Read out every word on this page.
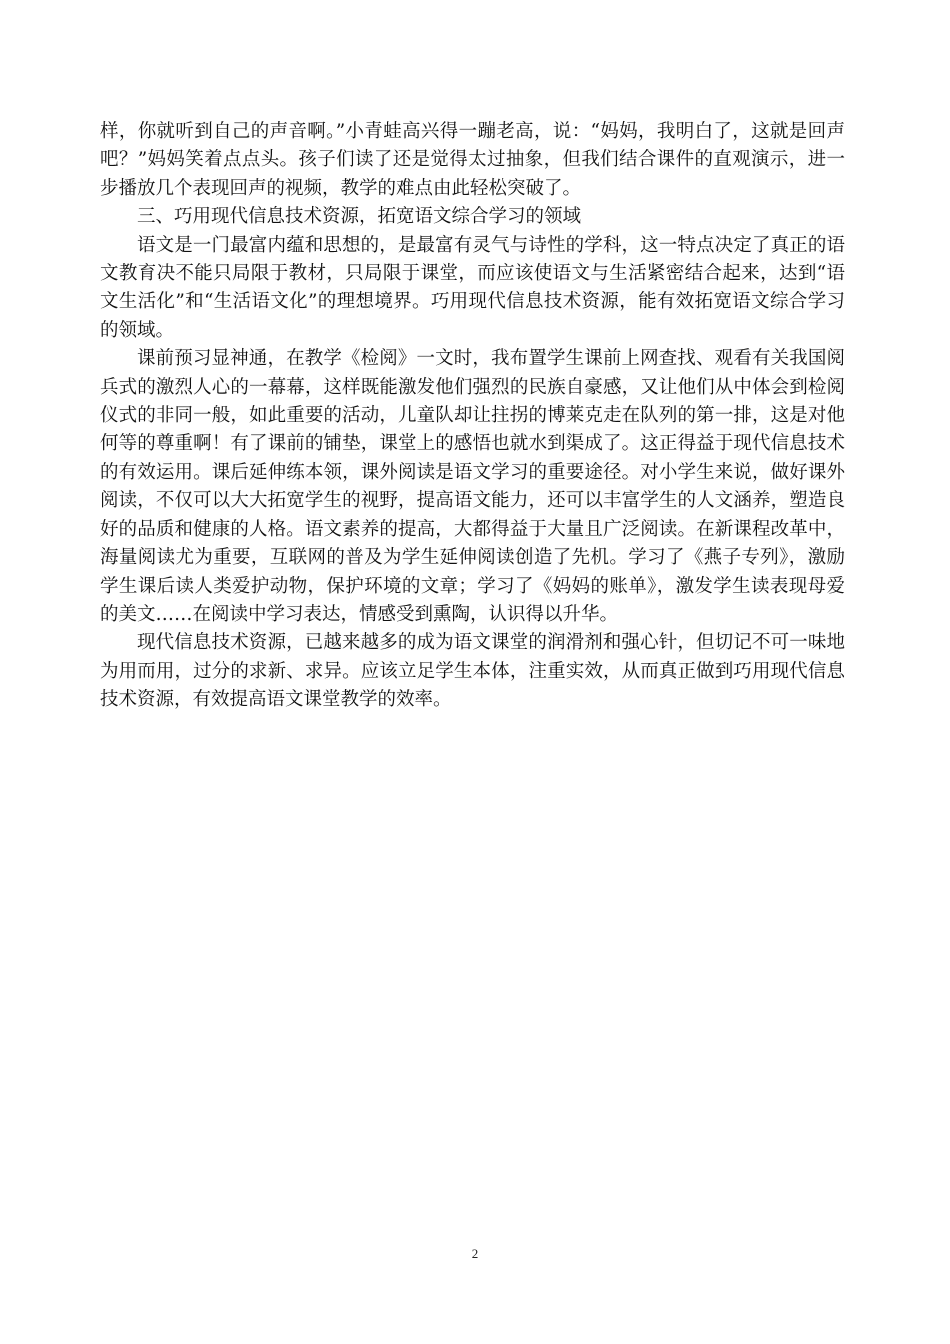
样，你就听到自己的声音啊。”小青蛙高兴得一蹦老高，说：“妈妈，我明白了，这就是回声吧？”妈妈笑着点点头。孩子们读了还是觉得太过抽象，但我们结合课件的直观演示，进一步播放几个表现回声的视频，教学的难点由此轻松突破了。

三、巧用现代信息技术资源，拓宽语文综合学习的领域

语文是一门最富内蕴和思想的，是最富有灵气与诗性的学科，这一特点决定了真正的语文教育决不能只局限于教材，只局限于课堂，而应该使语文与生活紧密结合起来，达到“语文生活化”和“生活语文化”的理想境界。巧用现代信息技术资源，能有效拓宽语文综合学习的领域。

课前预习显神通，在教学《检阅》一文时，我布置学生课前上网查找、观看有关我国阅兵式的激烈人心的一幕幕，这样既能激发他们强烈的民族自豪感，又让他们从中体会到检阅仪式的非同一般，如此重要的活动，儿童队却让拄拐的博莱克走在队列的第一排，这是对他何等的尊重啊！有了课前的铺垫，课堂上的感悟也就水到渠成了。这正得益于现代信息技术的有效运用。课后延伸练本领，课外阅读是语文学习的重要途径。对小学生来说，做好课外阅读，不仅可以大大拓宽学生的视野，提高语文能力，还可以丰富学生的人文涵养，塑造良好的品质和健康的人格。语文素养的提高，大都得益于大量且广泛阅读。在新课程改革中，海量阅读尤为重要，互联网的普及为学生延伸阅读创造了先机。学习了《燕子专列》，激励学生课后读人类爱护动物，保护环境的文章；学习了《妈妈的账单》，激发学生读表现母爱的美文……在阅读中学习表达，情感受到熏陶，认识得以升华。

现代信息技术资源，已越来越多的成为语文课堂的润滑剂和强心针，但切记不可一味地为用而用，过分的求新、求异。应该立足学生本体，注重实效，从而真正做到巧用现代信息技术资源，有效提高语文课堂教学的效率。

2
